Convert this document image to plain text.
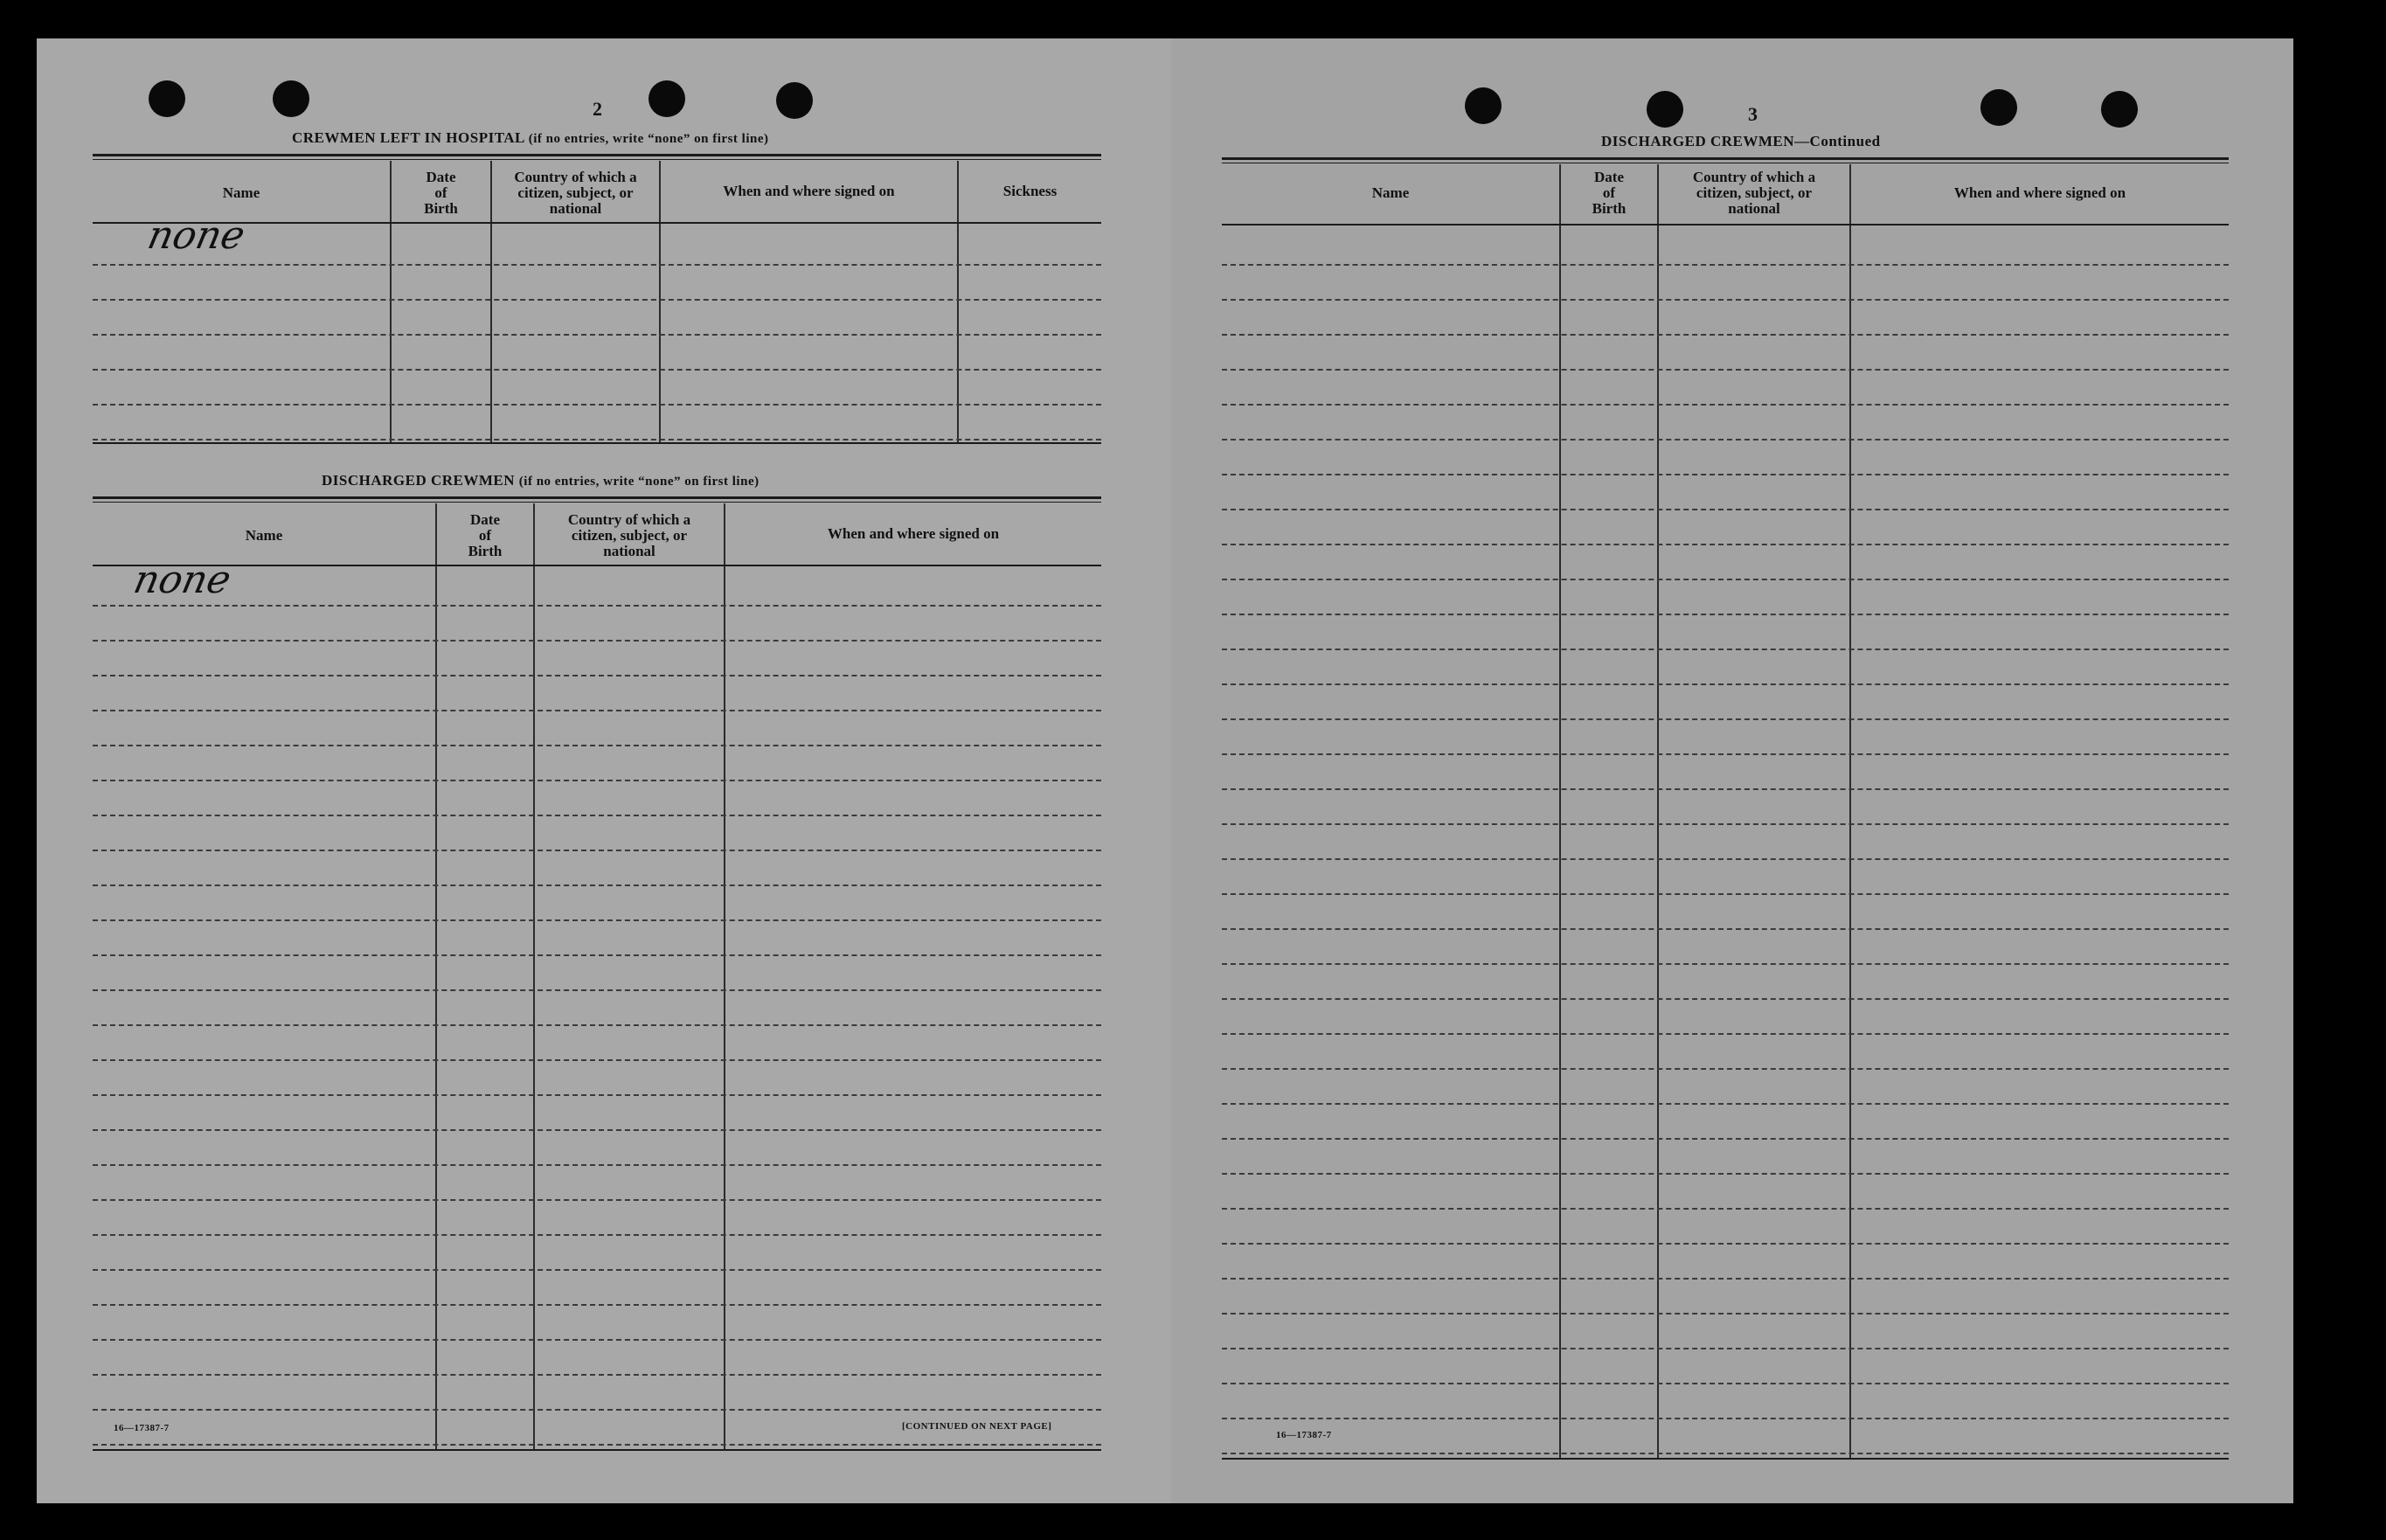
2
CREWMEN LEFT IN HOSPITAL (if no entries, write “none” on first line)
Name
Date
of
Birth
Country of which a
citizen, subject, or
national
When and where signed on	Sickness
none
DISCHARGED CREWMEN (if no entries, write “none” on first line)
Name
Date
of
Birth
Country of which a
citizen, subject, or
national
When and where signed on
none
16—17387-7	[CONTINUED ON NEXT PAGE]
3
DISCHARGED CREWMEN—Continued
Name
Date
of
Birth
Country of which a
citizen, subject, or
national
When and where signed on
16—17387-7
